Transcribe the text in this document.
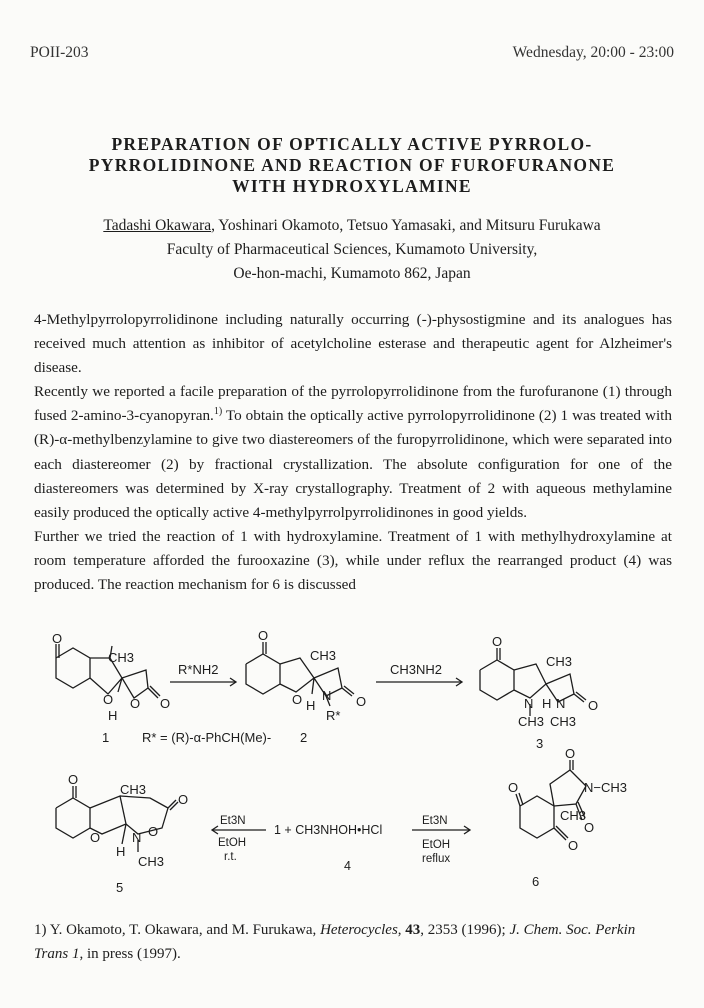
POII-203	Wednesday, 20:00 - 23:00
PREPARATION OF OPTICALLY ACTIVE PYRROLO-
PYRROLIDINONE AND REACTION OF FUROFURANONE
WITH HYDROXYLAMINE
Tadashi Okawara, Yoshinari Okamoto, Tetsuo Yamasaki, and Mitsuru Furukawa
Faculty of Pharmaceutical Sciences, Kumamoto University,
Oe-hon-machi, Kumamoto 862, Japan

4-Methylpyrrolopyrrolidinone including naturally occurring (-)-physostigmine and its analogues has received much attention as inhibitor of acetylcholine esterase and therapeutic agent for Alzheimer's disease.

Recently we reported a facile preparation of the pyrrolopyrrolidinone from the furofuranone (1) through fused 2-amino-3-cyanopyran.$^{1)}$ To obtain the optically active pyrrolopyrrolidinone (2) 1 was treated with (R)-α-methylbenzylamine to give two diastereomers of the furopyrrolidinone, which were separated into each diastereomer (2) by fractional crystallization. The absolute configuration for one of the diastereomers was determined by X-ray crystallography. Treatment of 2 with aqueous methylamine easily produced the optically active 4-methylpyrrolpyrrolidinones in good yields.

Further we tried the reaction of 1 with hydroxylamine. Treatment of 1 with methylhydroxylamine at room temperature afforded the furooxazine (3), while under reflux the rearranged product (4) was produced. The reaction mechanism for 6 is discussed

O
CH3
O O O
H
1	R* = (R)-α-PhCH(Me)-
R*NH2
O
CH3
O N O
H
R*
2
CH3NH2
O
CH3
N H N O
CH3 CH3
3
O
CH3
O
O N O
H
CH3
5
Et3N
EtOH
r.t.
1 + CH3NHOH•HCl
4
Et3N
EtOH
reflux
O
O	N−CH3
CH3
O
O
6
1) Y. Okamoto, T. Okawara, and M. Furukawa, Heterocycles, 43, 2353 (1996); J. Chem. Soc. Perkin Trans 1, in press (1997).
